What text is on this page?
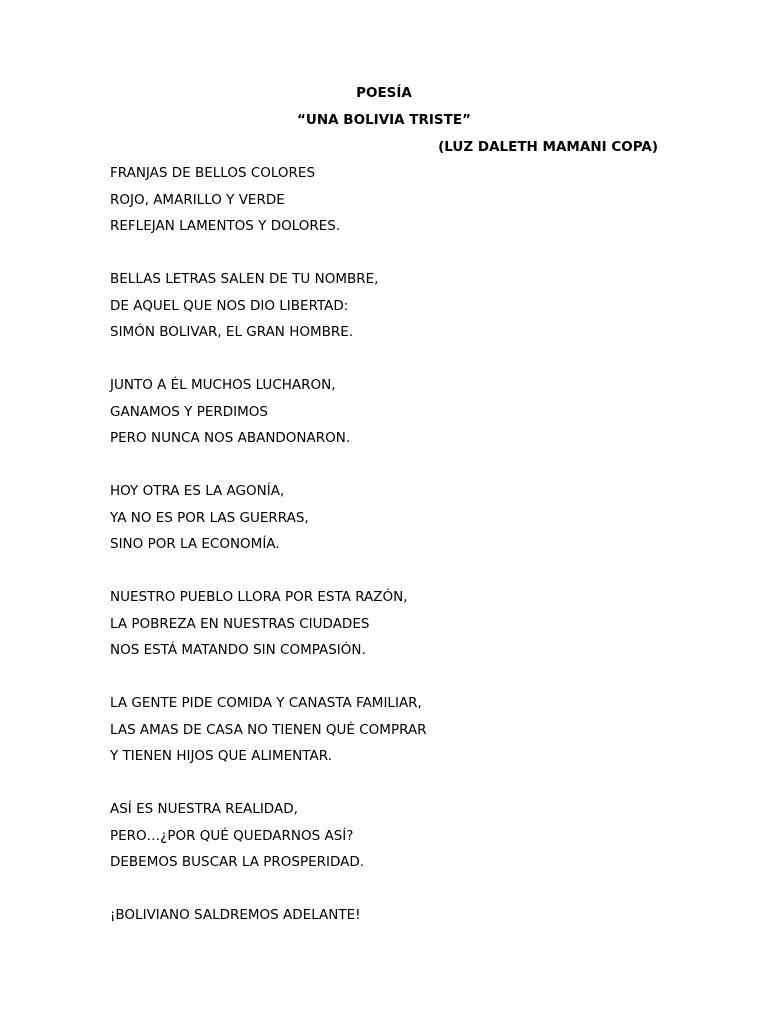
POESÍA
“UNA BOLIVIA TRISTE”
(LUZ DALETH MAMANI COPA)
FRANJAS DE BELLOS COLORES
ROJO, AMARILLO Y VERDE
REFLEJAN LAMENTOS Y DOLORES.
BELLAS LETRAS SALEN DE TU NOMBRE,
DE AQUEL QUE NOS DIO LIBERTAD:
SIMÓN BOLIVAR, EL GRAN HOMBRE.
JUNTO A ÉL MUCHOS LUCHARON,
GANAMOS Y PERDIMOS
PERO NUNCA NOS ABANDONARON.
HOY OTRA ES LA AGONÍA,
YA NO ES POR LAS GUERRAS,
SINO POR LA ECONOMÍA.
NUESTRO PUEBLO LLORA POR ESTA RAZÓN,
LA POBREZA EN NUESTRAS CIUDADES
NOS ESTÁ MATANDO SIN COMPASIÓN.
LA GENTE PIDE COMIDA Y CANASTA FAMILIAR,
LAS AMAS DE CASA NO TIENEN QUÉ COMPRAR
Y TIENEN HIJOS QUE ALIMENTAR.
ASÍ ES NUESTRA REALIDAD,
PERO…¿POR QUÉ QUEDARNOS ASÍ?
DEBEMOS BUSCAR LA PROSPERIDAD.
¡BOLIVIANO SALDREMOS ADELANTE!
